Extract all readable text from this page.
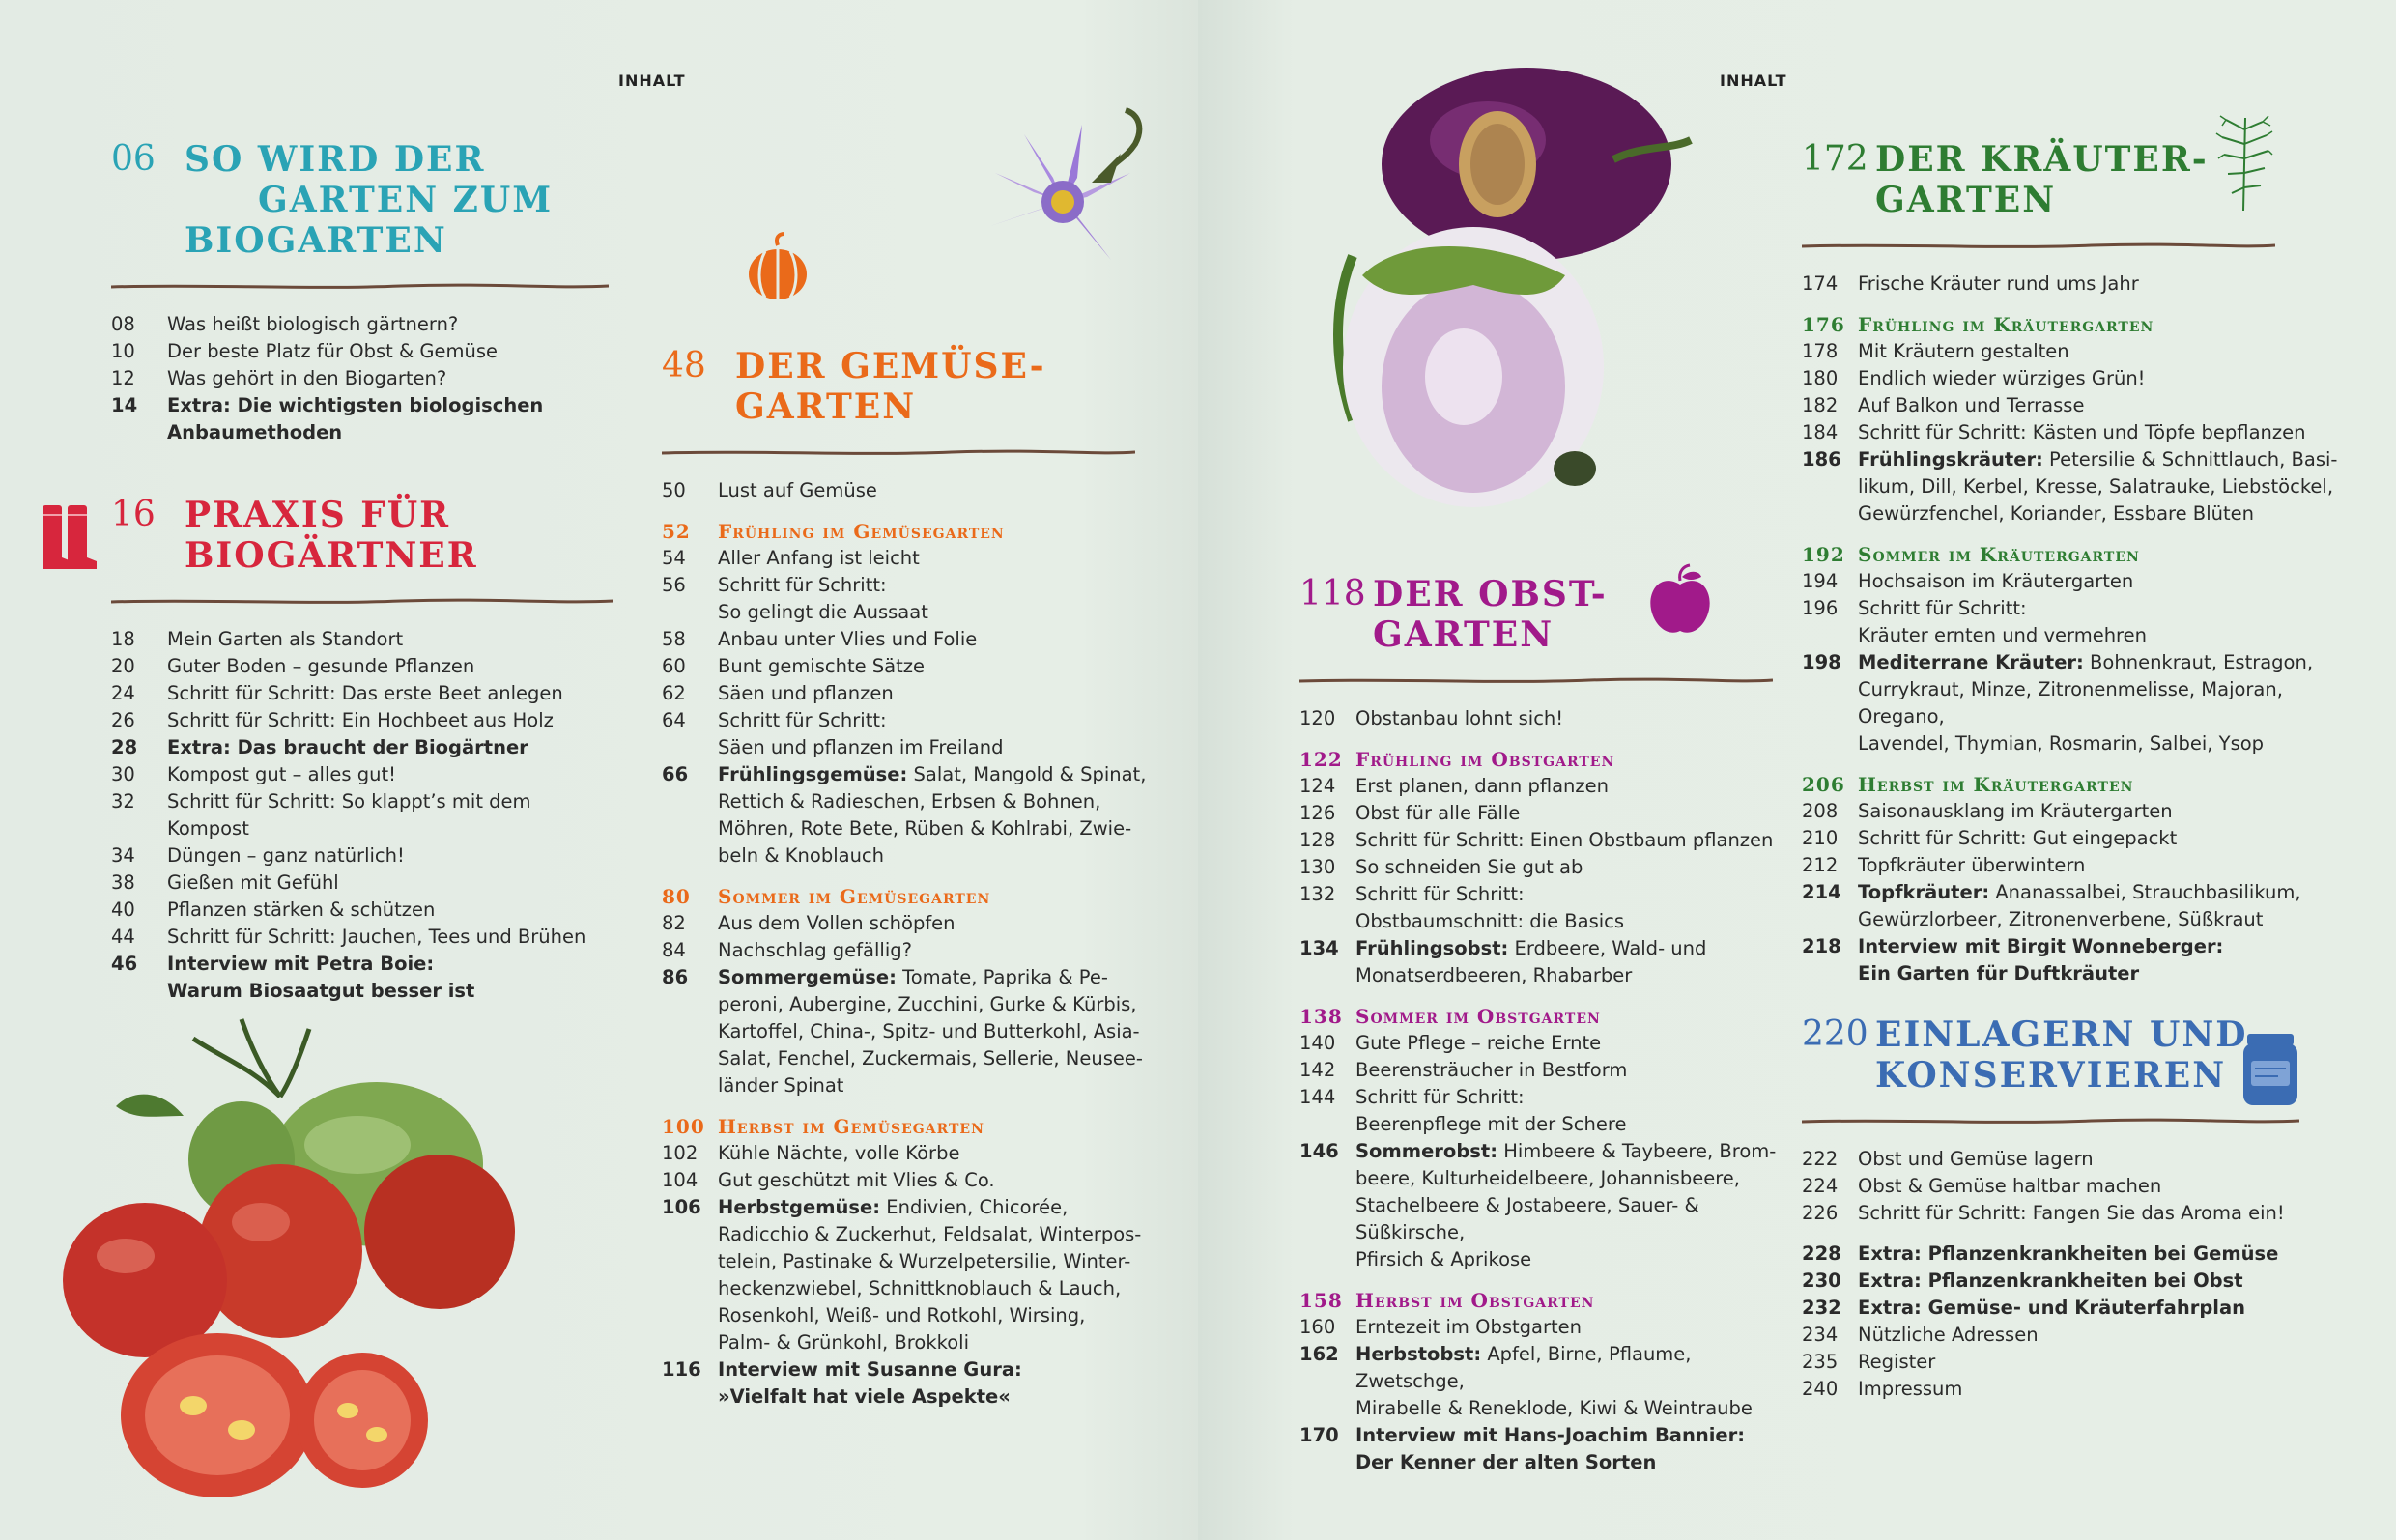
INHALT
06 SO WIRD DER
GARTEN ZUM
BIOGARTEN
08	Was heißt biologisch gärtnern?
10	Der beste Platz für Obst & Gemüse
12	Was gehört in den Biogarten?
14	Extra: Die wichtigsten biologischen Anbaumethoden
16 PRAXIS FÜR
BIOGÄRTNER
18	Mein Garten als Standort
20	Guter Boden – gesunde Pflanzen
24	Schritt für Schritt: Das erste Beet anlegen
26	Schritt für Schritt: Ein Hochbeet aus Holz
28	Extra: Das braucht der Biogärtner
30	Kompost gut – alles gut!
32	Schritt für Schritt: So klappt’s mit dem Kompost
34	Düngen – ganz natürlich!
38	Gießen mit Gefühl
40	Pflanzen stärken & schützen
44	Schritt für Schritt: Jauchen, Tees und Brühen
46	Interview mit Petra Boie:
Warum Biosaatgut besser ist
48 DER GEMÜSE-
GARTEN
50	Lust auf Gemüse
52	Frühling im Gemüsegarten
54	Aller Anfang ist leicht
56	Schritt für Schritt:
So gelingt die Aussaat
58	Anbau unter Vlies und Folie
60	Bunt gemischte Sätze
62	Säen und pflanzen
64	Schritt für Schritt:
Säen und pflanzen im Freiland
66	Frühlingsgemüse: Salat, Mangold & Spinat,
Rettich & Radieschen, Erbsen & Bohnen,
Möhren, Rote Bete, Rüben & Kohlrabi, Zwie-
beln & Knoblauch
80	Sommer im Gemüsegarten
82	Aus dem Vollen schöpfen
84	Nachschlag gefällig?
86	Sommergemüse: Tomate, Paprika & Pe-
peroni, Aubergine, Zucchini, Gurke & Kürbis,
Kartoffel, China-, Spitz- und Butterkohl, Asia-
Salat, Fenchel, Zuckermais, Sellerie, Neusee-
länder Spinat
100 Herbst im Gemüsegarten
102	Kühle Nächte, volle Körbe
104	Gut geschützt mit Vlies & Co.
106 Herbstgemüse: Endivien, Chicorée,
Radicchio & Zuckerhut, Feldsalat, Winterpos-
telein, Pastinake & Wurzelpetersilie, Winter-
heckenzwiebel, Schnittknoblauch & Lauch,
Rosenkohl, Weiß- und Rotkohl, Wirsing,
Palm- & Grünkohl, Brokkoli
116 Interview mit Susanne Gura:
»Vielfalt hat viele Aspekte«
INHALT
118 DER OBST-
GARTEN
120	Obstanbau lohnt sich!
122 Frühling im Obstgarten
124	Erst planen, dann pflanzen
126	Obst für alle Fälle
128	Schritt für Schritt: Einen Obstbaum pflanzen
130	So schneiden Sie gut ab
132	Schritt für Schritt:
Obstbaumschnitt: die Basics
134 Frühlingsobst: Erdbeere, Wald- und
Monatserdbeeren, Rhabarber
138 Sommer im Obstgarten
140	Gute Pflege – reiche Ernte
142	Beerensträucher in Bestform
144	Schritt für Schritt:
Beerenpflege mit der Schere
146 Sommerobst: Himbeere & Taybeere, Brom-
beere, Kulturheidelbeere, Johannisbeere,
Stachelbeere & Jostabeere, Sauer- & Süßkirsche,
Pfirsich & Aprikose
158 Herbst im Obstgarten
160	Erntezeit im Obstgarten
162 Herbstobst: Apfel, Birne, Pflaume, Zwetschge,
Mirabelle & Reneklode, Kiwi & Weintraube
170 Interview mit Hans-Joachim Bannier:
Der Kenner der alten Sorten
172 DER KRÄUTER-
GARTEN
174	Frische Kräuter rund ums Jahr
176 Frühling im Kräutergarten
178	Mit Kräutern gestalten
180	Endlich wieder würziges Grün!
182	Auf Balkon und Terrasse
184	Schritt für Schritt: Kästen und Töpfe bepflanzen
186 Frühlingskräuter: Petersilie & Schnittlauch, Basi-
likum, Dill, Kerbel, Kresse, Salatrauke, Liebstöckel,
Gewürzfenchel, Koriander, Essbare Blüten
192 Sommer im Kräutergarten
194	Hochsaison im Kräutergarten
196	Schritt für Schritt:
Kräuter ernten und vermehren
198 Mediterrane Kräuter: Bohnenkraut, Estragon,
Currykraut, Minze, Zitronenmelisse, Majoran, Oregano,
Lavendel, Thymian, Rosmarin, Salbei, Ysop
206 Herbst im Kräutergarten
208	Saisonausklang im Kräutergarten
210	Schritt für Schritt: Gut eingepackt
212	Topfkräuter überwintern
214 Topfkräuter: Ananassalbei, Strauchbasilikum,
Gewürzlorbeer, Zitronenverbene, Süßkraut
218 Interview mit Birgit Wonneberger:
Ein Garten für Duftkräuter
220 EINLAGERN UND
KONSERVIEREN
222	Obst und Gemüse lagern
224	Obst & Gemüse haltbar machen
226	Schritt für Schritt: Fangen Sie das Aroma ein!
228 Extra: Pflanzenkrankheiten bei Gemüse
230 Extra: Pflanzenkrankheiten bei Obst
232 Extra: Gemüse- und Kräuterfahrplan
234	Nützliche Adressen
235	Register
240	Impressum
